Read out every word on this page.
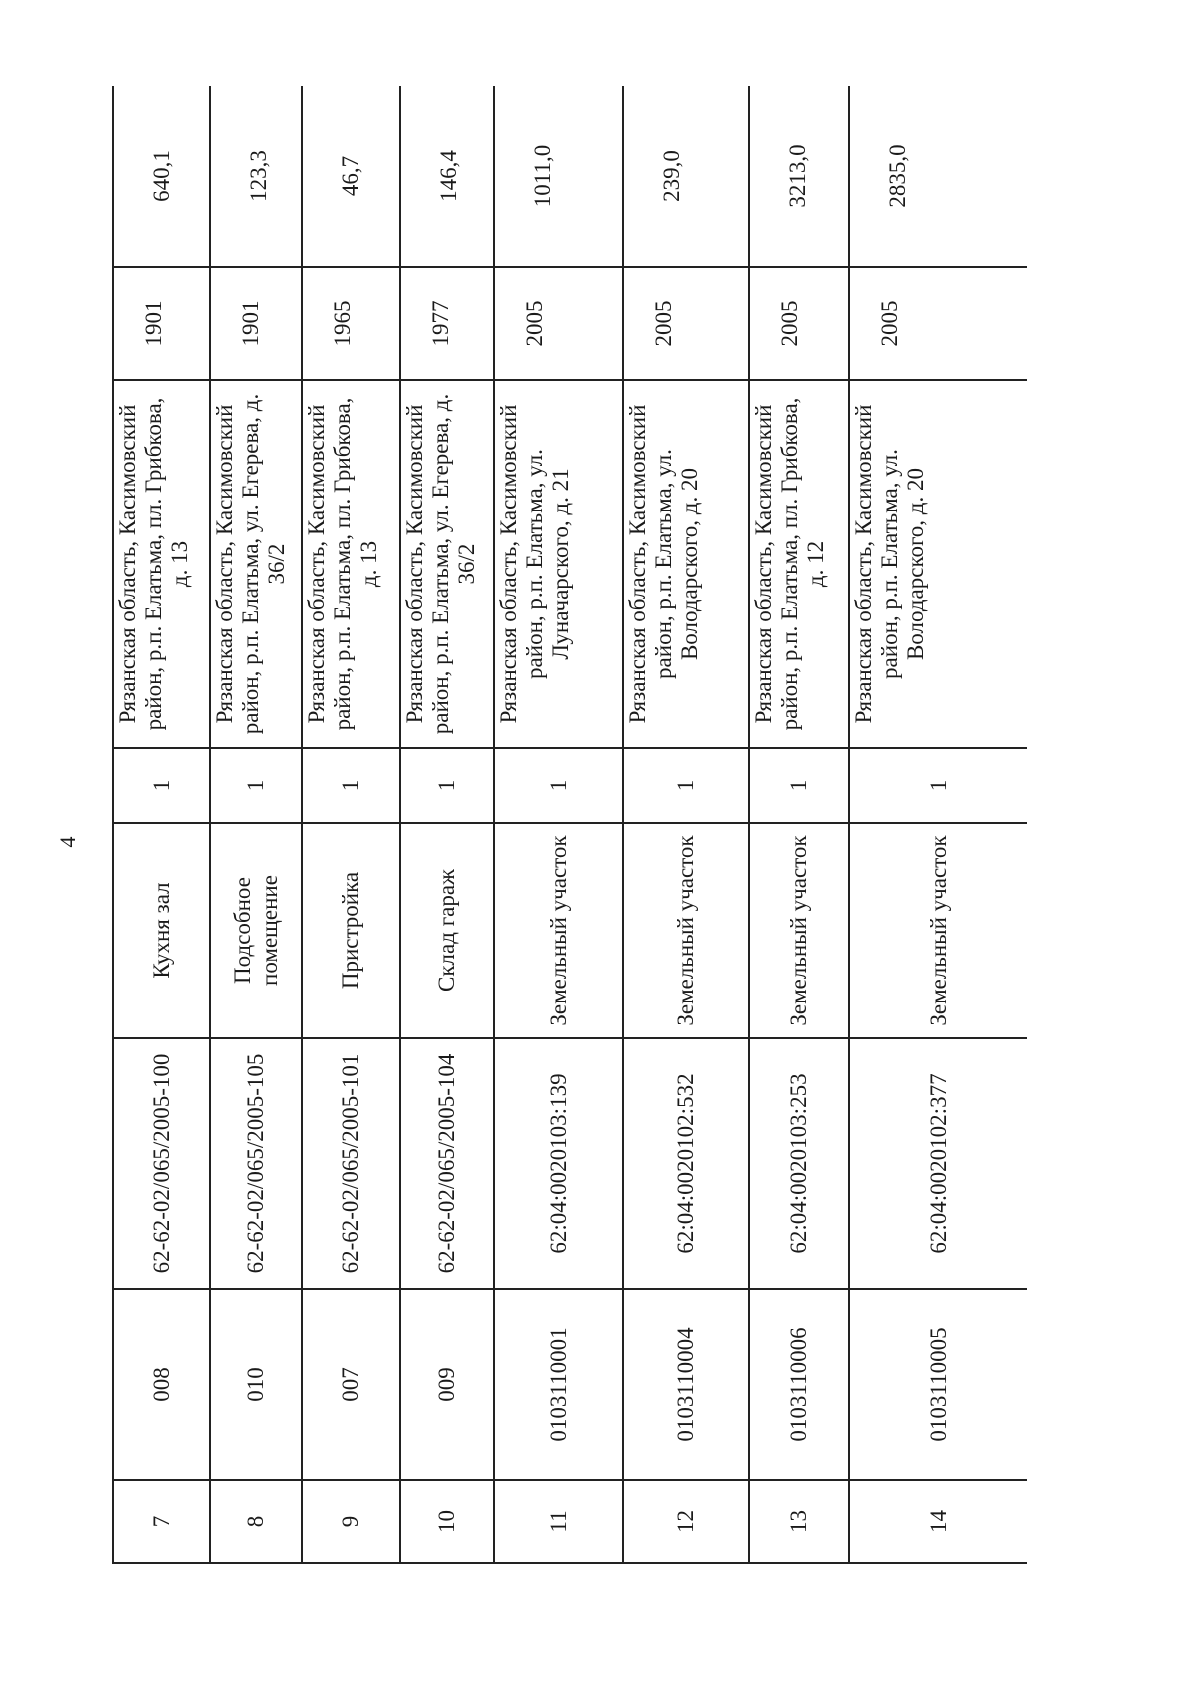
4
7	008	62-62-02/065/2005-100	Кухня зал	1	Рязанская область, Касимовский район, р.п. Елатьма, пл. Грибкова, д. 13	1901	640,1
8	010	62-62-02/065/2005-105	Подсобное помещение	1	Рязанская область, Касимовский район, р.п. Елатьма, ул. Егерева, д. 36/2	1901	123,3
9	007	62-62-02/065/2005-101	Пристройка	1	Рязанская область, Касимовский район, р.п. Елатьма, пл. Грибкова, д. 13	1965	46,7
10	009	62-62-02/065/2005-104	Склад гараж	1	Рязанская область, Касимовский район, р.п. Елатьма, ул. Егерева, д. 36/2	1977	146,4
11	0103110001	62:04:0020103:139	Земельный участок	1	Рязанская область, Касимовский район, р.п. Елатьма, ул. Луначарского, д. 21	2005	1011,0
12	0103110004	62:04:0020102:532	Земельный участок	1	Рязанская область, Касимовский район, р.п. Елатьма, ул. Володарского, д. 20	2005	239,0
13	0103110006	62:04:0020103:253	Земельный участок	1	Рязанская область, Касимовский район, р.п. Елатьма, пл. Грибкова, д. 12	2005	3213,0
14	0103110005	62:04:0020102:377	Земельный участок	1	Рязанская область, Касимовский район, р.п. Елатьма, ул. Володарского, д. 20	2005	2835,0
